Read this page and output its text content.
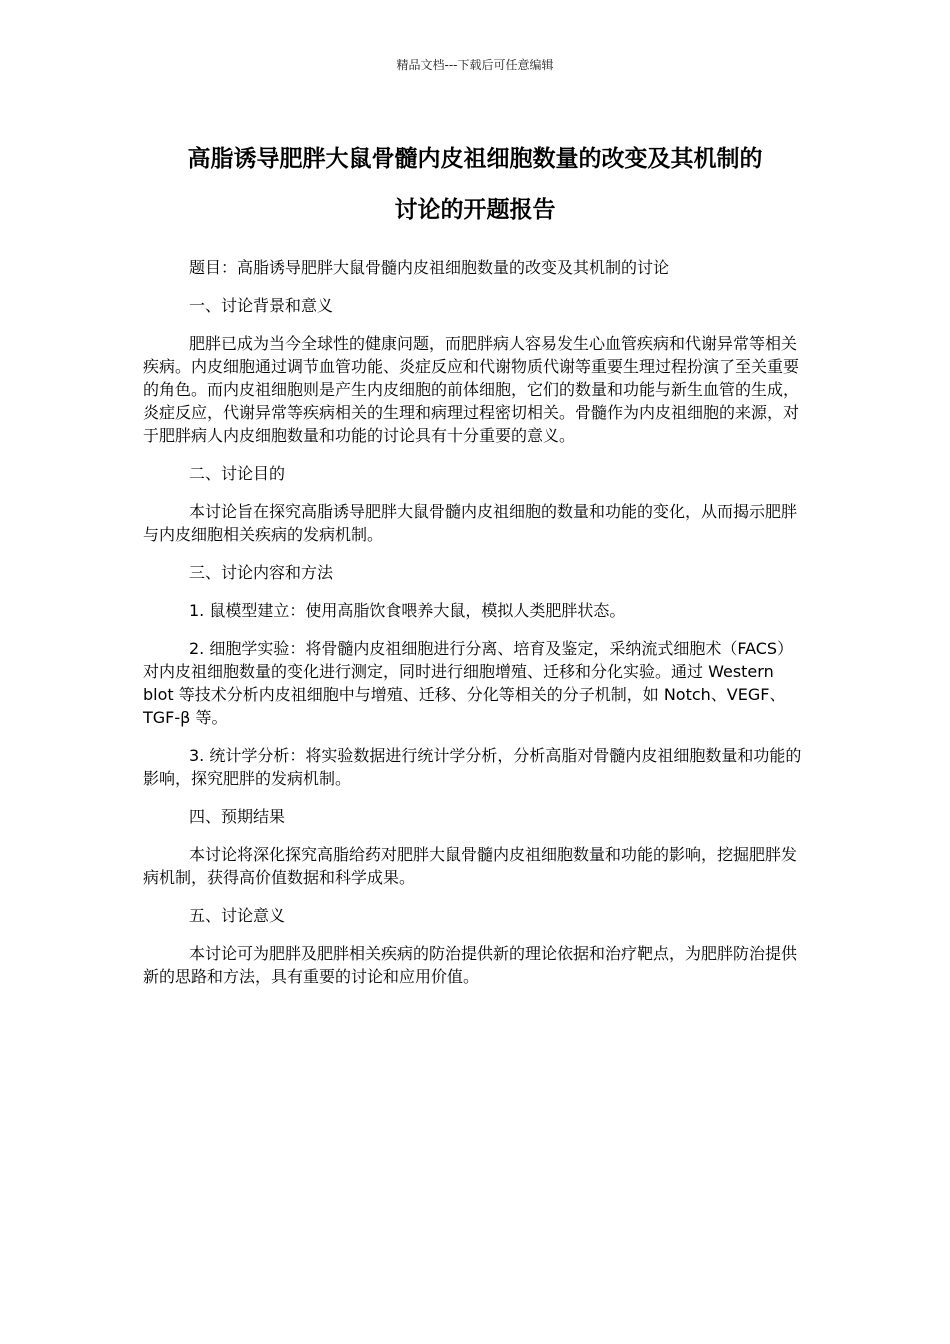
精品文档---下载后可任意编辑
高脂诱导肥胖大鼠骨髓内皮祖细胞数量的改变及其机制的
讨论的开题报告

题目：高脂诱导肥胖大鼠骨髓内皮祖细胞数量的改变及其机制的讨论

一、讨论背景和意义

肥胖已成为当今全球性的健康问题，而肥胖病人容易发生心血管疾病和代谢异常等相关疾病。内皮细胞通过调节血管功能、炎症反应和代谢物质代谢等重要生理过程扮演了至关重要的角色。而内皮祖细胞则是产生内皮细胞的前体细胞，它们的数量和功能与新生血管的生成，炎症反应，代谢异常等疾病相关的生理和病理过程密切相关。骨髓作为内皮祖细胞的来源，对于肥胖病人内皮细胞数量和功能的讨论具有十分重要的意义。

二、讨论目的

本讨论旨在探究高脂诱导肥胖大鼠骨髓内皮祖细胞的数量和功能的变化，从而揭示肥胖与内皮细胞相关疾病的发病机制。

三、讨论内容和方法

1. 鼠模型建立：使用高脂饮食喂养大鼠，模拟人类肥胖状态。

2. 细胞学实验：将骨髓内皮祖细胞进行分离、培育及鉴定，采纳流式细胞术（FACS）对内皮祖细胞数量的变化进行测定，同时进行细胞增殖、迁移和分化实验。通过 Western blot 等技术分析内皮祖细胞中与增殖、迁移、分化等相关的分子机制，如 Notch、VEGF、TGF-β 等。

3. 统计学分析：将实验数据进行统计学分析，分析高脂对骨髓内皮祖细胞数量和功能的影响，探究肥胖的发病机制。

四、预期结果

本讨论将深化探究高脂给药对肥胖大鼠骨髓内皮祖细胞数量和功能的影响，挖掘肥胖发病机制，获得高价值数据和科学成果。

五、讨论意义

本讨论可为肥胖及肥胖相关疾病的防治提供新的理论依据和治疗靶点，为肥胖防治提供新的思路和方法，具有重要的讨论和应用价值。
